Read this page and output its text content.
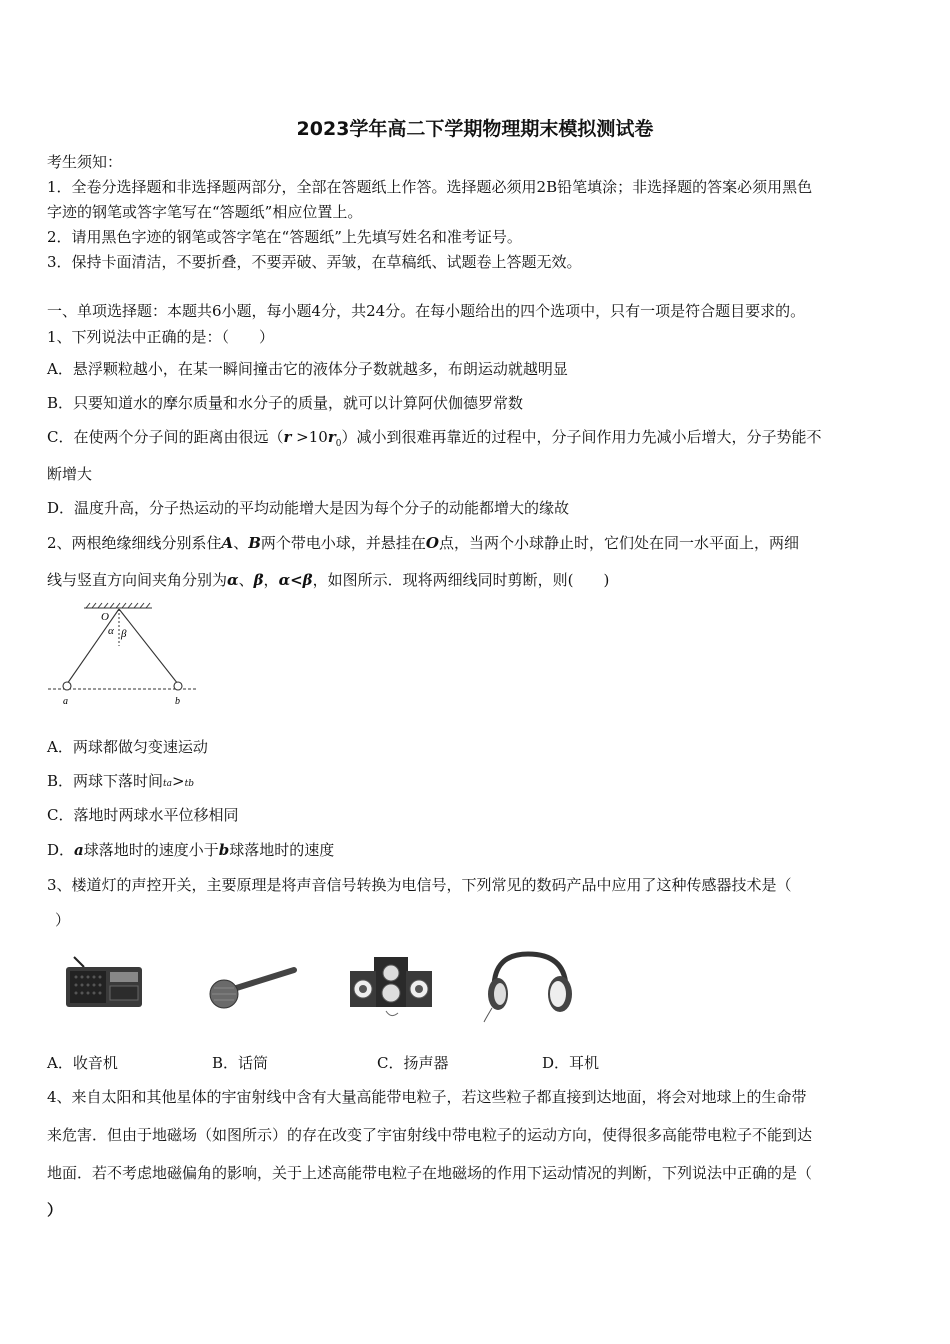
2023学年高二下学期物理期末模拟测试卷
考生须知：
1．全卷分选择题和非选择题两部分，全部在答题纸上作答。选择题必须用2B铅笔填涂；非选择题的答案必须用黑色
字迹的钢笔或答字笔写在“答题纸”相应位置上。
2．请用黑色字迹的钢笔或答字笔在“答题纸”上先填写姓名和准考证号。
3．保持卡面清洁，不要折叠，不要弄破、弄皱，在草稿纸、试题卷上答题无效。
一、单项选择题：本题共6小题，每小题4分，共24分。在每小题给出的四个选项中，只有一项是符合题目要求的。
1、下列说法中正确的是：（　　）
A．悬浮颗粒越小，在某一瞬间撞击它的液体分子数就越多，布朗运动就越明显
B．只要知道水的摩尔质量和水分子的质量，就可以计算阿伏伽德罗常数
C．在使两个分子间的距离由很远$(r >10r_0)$减小到很难再靠近的过程中，分子间作用力先减小后增大，分子势能不
断增大
D．温度升高，分子热运动的平均动能增大是因为每个分子的动能都增大的缘故
2、两根绝缘细线分别系住A、B两个带电小球，并悬挂在O点，当两个小球静止时，它们处在同一水平面上，两细
线与竖直方向间夹角分别为α、β，α<β，如图所示．现将两细线同时剪断，则(　　)
O
α β
a	b
A．两球都做匀变速运动
B．两球下落时间ta>tb
C．落地时两球水平位移相同
D．a球落地时的速度小于b球落地时的速度
3、楼道灯的声控开关，主要原理是将声音信号转换为电信号，下列常见的数码产品中应用了这种传感器技术是（
）
A．收音机	B．话筒	C．扬声器	D．耳机
4、来自太阳和其他星体的宇宙射线中含有大量高能带电粒子，若这些粒子都直接到达地面，将会对地球上的生命带
来危害．但由于地磁场（如图所示）的存在改变了宇宙射线中带电粒子的运动方向，使得很多高能带电粒子不能到达
地面．若不考虑地磁偏角的影响，关于上述高能带电粒子在地磁场的作用下运动情况的判断，下列说法中正确的是（
）
